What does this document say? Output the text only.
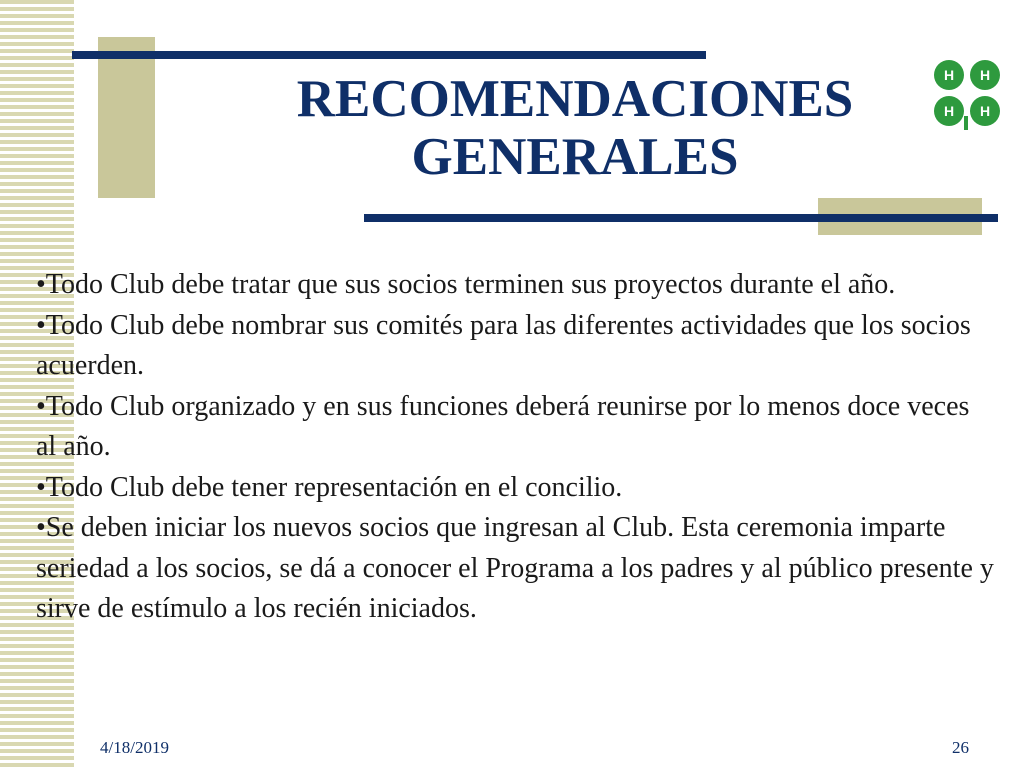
RECOMENDACIONES
GENERALES
H H
H H
•Todo Club debe tratar que sus socios terminen sus proyectos durante el año.
•Todo Club debe nombrar sus comités para las diferentes actividades que los socios acuerden.
•Todo Club organizado y en sus funciones deberá reunirse por lo menos doce veces al año.
•Todo Club debe tener representación en el concilio.
•Se deben iniciar los nuevos socios que ingresan al Club. Esta ceremonia imparte seriedad a los socios, se dá a conocer el Programa a los padres y al público presente y sirve de estímulo a los recién iniciados.
4/18/2019	26
